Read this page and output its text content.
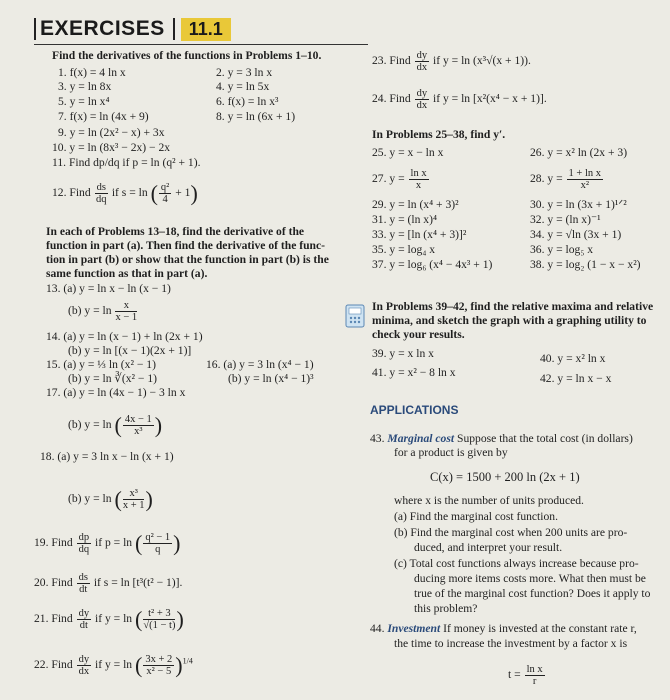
EXERCISES	11.1
Find the derivatives of the functions in Problems 1–10.
1. f(x) = 4 ln x	2. y = 3 ln x
3. y = ln 8x	4. y = ln 5x
5. y = ln x⁴	6. f(x) = ln x³
7. f(x) = ln (4x + 9)	8. y = ln (6x + 1)
9. y = ln (2x² − x) + 3x
10. y = ln (8x³ − 2x) − 2x
11. Find dp/dq if p = ln (q² + 1).
12. Find $\frac{ds}{dq}$ if s = ln ( $\frac{\text{q²}}{4} + 1$)
In each of Problems 13–18, find the derivative of the
function in part (a). Then find the derivative of the func-
tion in part (b) or show that the function in part (b) is the
same function as that in part (a).
13. (a) y = ln x − ln (x − 1)
(b) $y = \ln \frac{x}{x - 1}$
14. (a) y = ln (x − 1) + ln (2x + 1)
(b) y = ln [(x − 1)(2x + 1)]
15. (a) y = ⅓ ln (x² − 1)	16. (a) y = 3 ln (x⁴ − 1)
(b) y = ln ∛(x² − 1)	(b) y = ln (x⁴ − 1)³
17. (a) y = ln (4x − 1) − 3 ln x
(b) y = ln ( $\frac{4x - 1}{\text{x³}}$ )
18. (a) y = 3 ln x − ln (x + 1)
(b) y = ln ( $\frac{\text{x³}}{x + 1}$ )
19. Find $\frac{dp}{dq}$ if p = ln ( $\frac{\text{q² − 1}}{q}$ )
20. Find $\frac{ds}{dt}$ if s = ln [t³(t² − 1)].
21. Find $\frac{dy}{dt}$ if y = ln ( $\frac{\text{t² + 3}}{√(1 - t)}$ )
22. Find $\frac{dy}{dx}$ if y = ln ( $\frac{3x + 2}{\text{x² − 5}} )^{1/4}$
23. Find $\frac{dy}{dx}$ if y = ln (x³√(x + 1)).
24. Find $\frac{dy}{dx}$ if y = ln [x²(x⁴ − x + 1)].
In Problems 25–38, find y′.
25. y = x − ln x	26. y = x² ln (2x + 3)
27. $y = \frac{\text{ln x}}{x}$	28. $y = \frac{\text{1 + ln x}}{\text{x²}}$
29. y = ln (x⁴ + 3)²	30. y = ln (3x + 1)¹ᐟ²
31. y = (ln x)⁴	32. y = (ln x)⁻¹
33. y = [ln (x⁴ + 3)]²	34. y = √ln (3x + 1)
35. y = log₄ x	36. y = log₅ x
37. y = log₆ (x⁴ − 4x³ + 1)	38. y = log₂ (1 − x − x²)
In Problems 39–42, find the relative maxima and relative
minima, and sketch the graph with a graphing utility to
check your results.
39. y = x ln x	40. y = x² ln x
41. y = x² − 8 ln x	42. y = ln x − x
APPLICATIONS
43. Marginal cost Suppose that the total cost (in dollars)
for a product is given by
C(x) = 1500 + 200 ln (2x + 1)
where x is the number of units produced.
(a) Find the marginal cost function.
(b) Find the marginal cost when 200 units are pro-
duced, and interpret your result.
(c) Total cost functions always increase because pro-
ducing more items costs more. What then must be
true of the marginal cost function? Does it apply to
this problem?
44. Investment If money is invested at the constant rate r,
the time to increase the investment by a factor x is
$t = \frac{\text{ln x}}{r}$
